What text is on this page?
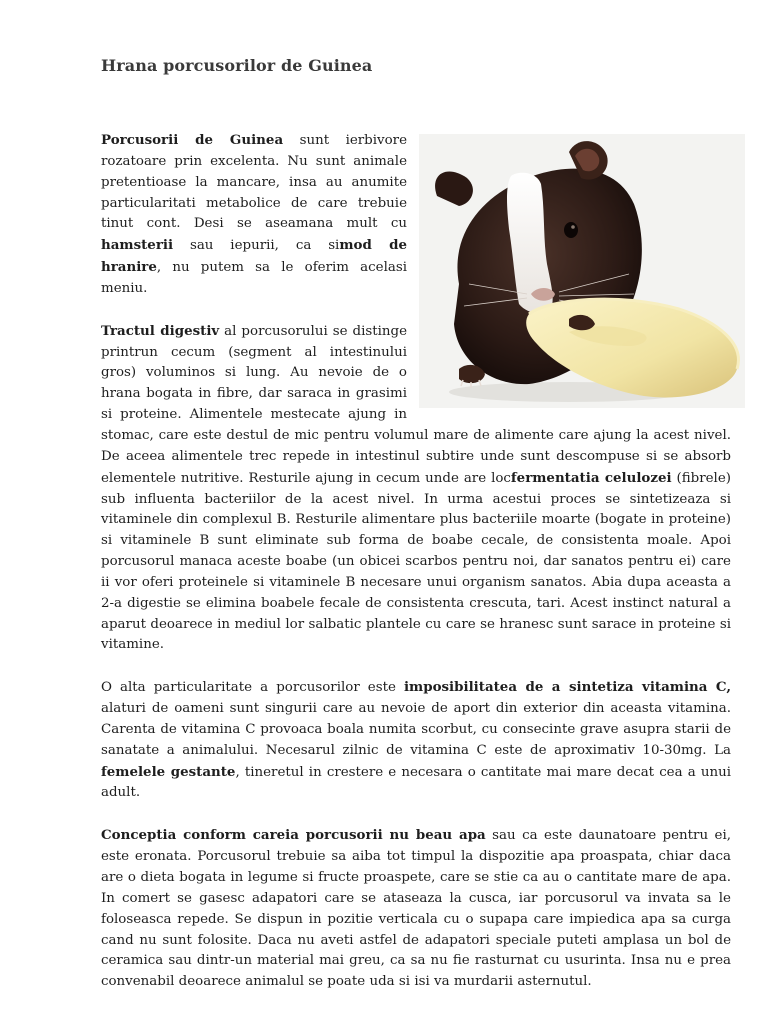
Hrana porcusorilor de Guinea

Porcusorii de Guinea sunt ierbivore rozatoare prin excelenta. Nu sunt animale pretentioase la mancare, insa au anumite particularitati metabolice de care trebuie tinut cont. Desi se aseamana mult cu hamsterii sau iepurii, ca simod de hranire, nu putem sa le oferim acelasi meniu.

Tractul digestiv al porcusorului se distinge printrun cecum (segment al intestinului gros) voluminos si lung. Au nevoie de o hrana bogata in fibre, dar saraca in grasimi si proteine. Alimentele mestecate ajung in stomac, care este destul de mic pentru volumul mare de alimente care ajung la acest nivel. De aceea alimentele trec repede in intestinul subtire unde sunt descompuse si se absorb elementele nutritive. Resturile ajung in cecum unde are locfermentatia celulozei (fibrele) sub influenta bacteriilor de la acest nivel. In urma acestui proces se sintetizeaza si vitaminele din complexul B. Resturile alimentare plus bacteriile moarte (bogate in proteine) si vitaminele B sunt eliminate sub forma de boabe cecale, de consistenta moale. Apoi porcusorul manaca aceste boabe (un obicei scarbos pentru noi, dar sanatos pentru ei) care ii vor oferi proteinele si vitaminele B necesare unui organism sanatos. Abia dupa aceasta a 2-a digestie se elimina boabele fecale de consistenta crescuta, tari. Acest instinct natural a aparut deoarece in mediul lor salbatic plantele cu care se hranesc sunt sarace in proteine si vitamine.

O alta particularitate a porcusorilor este imposibilitatea de a sintetiza vitamina C, alaturi de oameni sunt singurii care au nevoie de aport din exterior din aceasta vitamina. Carenta de vitamina C provoaca boala numita scorbut, cu consecinte grave asupra starii de sanatate a animalului. Necesarul zilnic de vitamina C este de aproximativ 10-30mg. La femelele gestante, tineretul in crestere e necesara o cantitate mai mare decat cea a unui adult.

Conceptia conform careia porcusorii nu beau apa sau ca este daunatoare pentru ei, este eronata. Porcusorul trebuie sa aiba tot timpul la dispozitie apa proaspata, chiar daca are o dieta bogata in legume si fructe proaspete, care se stie ca au o cantitate mare de apa. In comert se gasesc adapatori care se ataseaza la cusca, iar porcusorul va invata sa le foloseasca repede. Se dispun in pozitie verticala cu o supapa care impiedica apa sa curga cand nu sunt folosite. Daca nu aveti astfel de adapatori speciale puteti amplasa un bol de ceramica sau dintr-un material mai greu, ca sa nu fie rasturnat cu usurinta. Insa nu e prea convenabil deoarece animalul se poate uda si isi va murdarii asternutul.
